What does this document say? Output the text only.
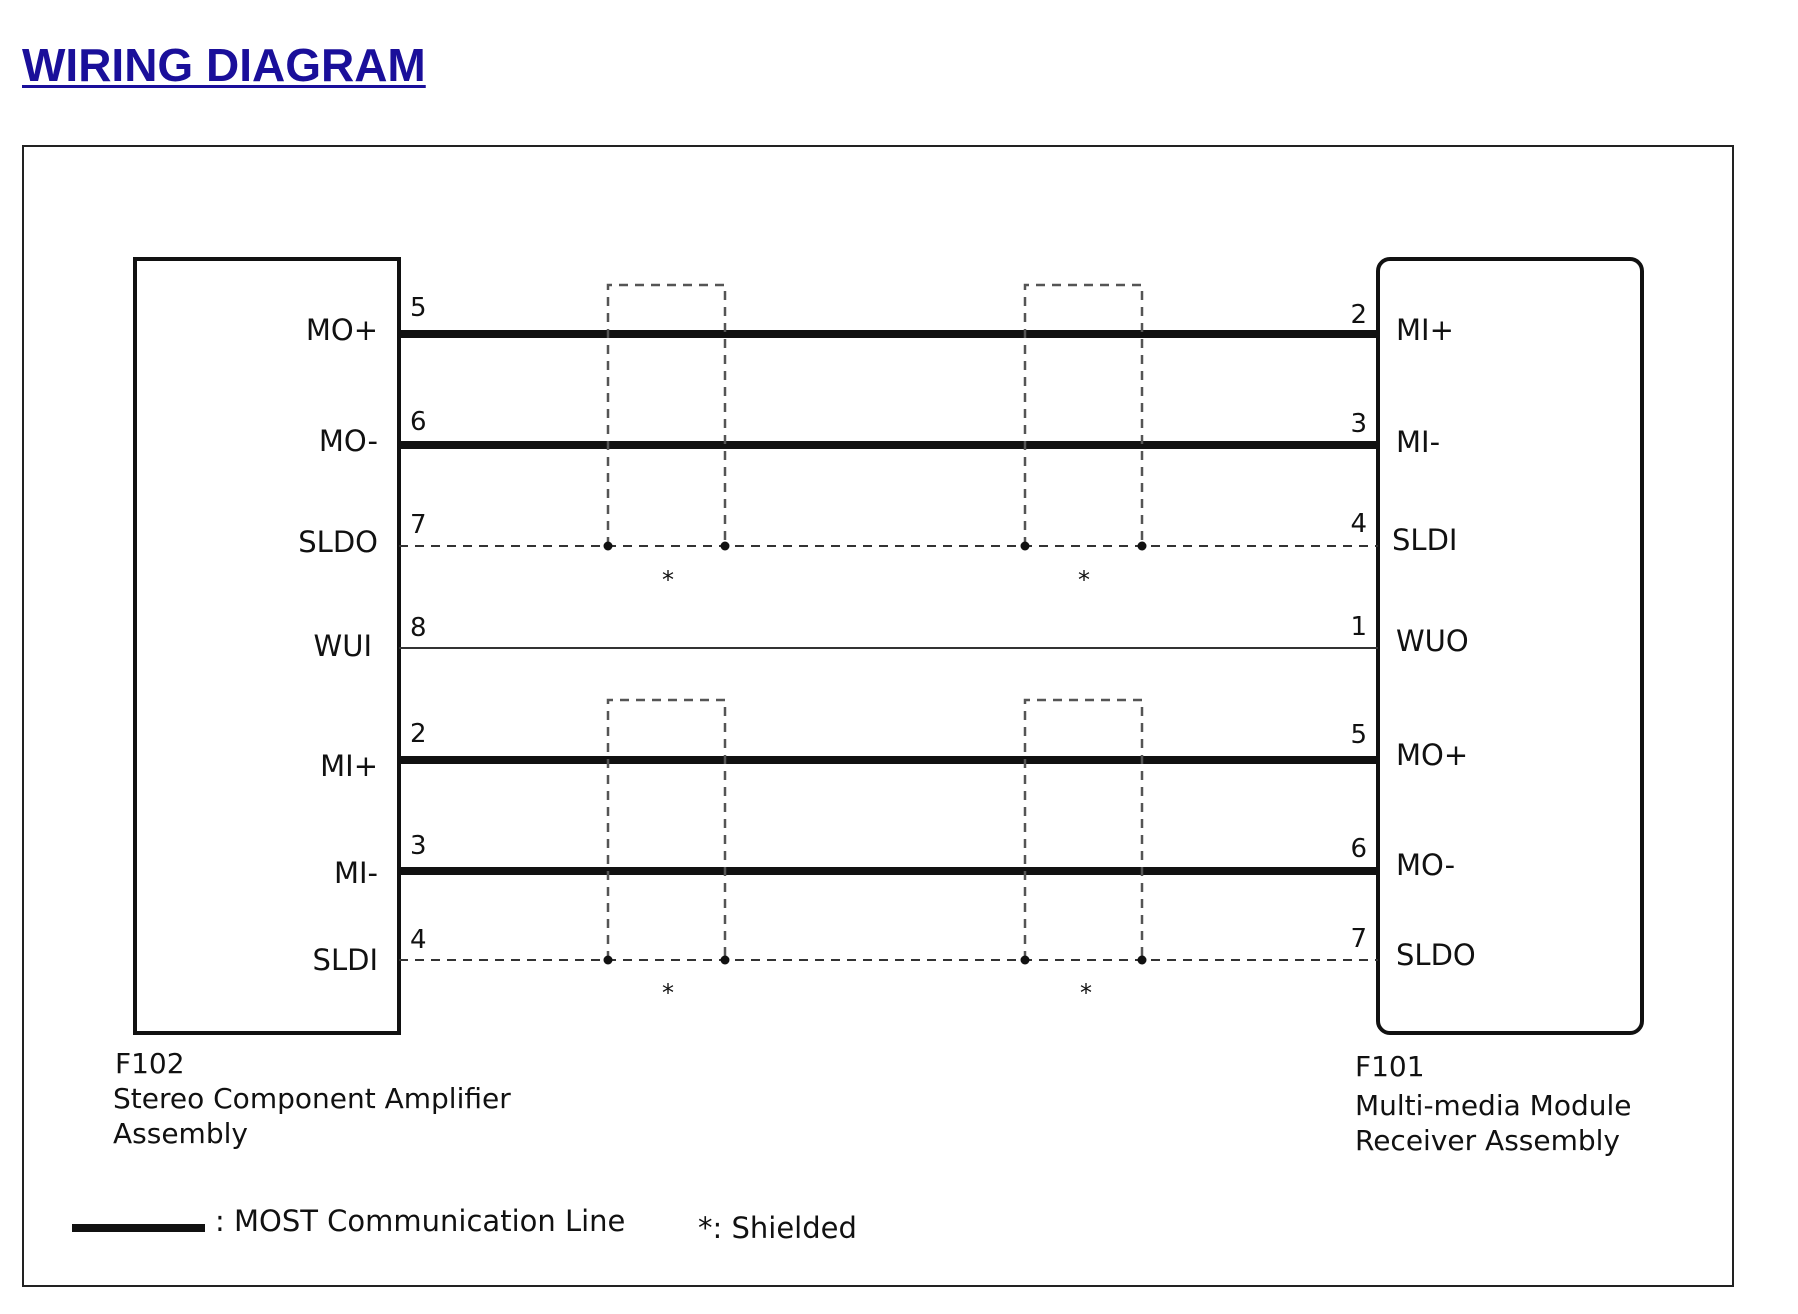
WIRING DIAGRAM
*	*
*	*
MO+
MO-
SLDO
WUI
MI+
MI-
SLDI
5
6
7
8
2
3
4
2
3
4
1
5
6
7
MI+
MI-
SLDI
WUO
MO+
MO-
SLDO
F102
Stereo Component Amplifier
Assembly
F101
Multi-media Module
Receiver Assembly
: MOST Communication Line	*: Shielded
